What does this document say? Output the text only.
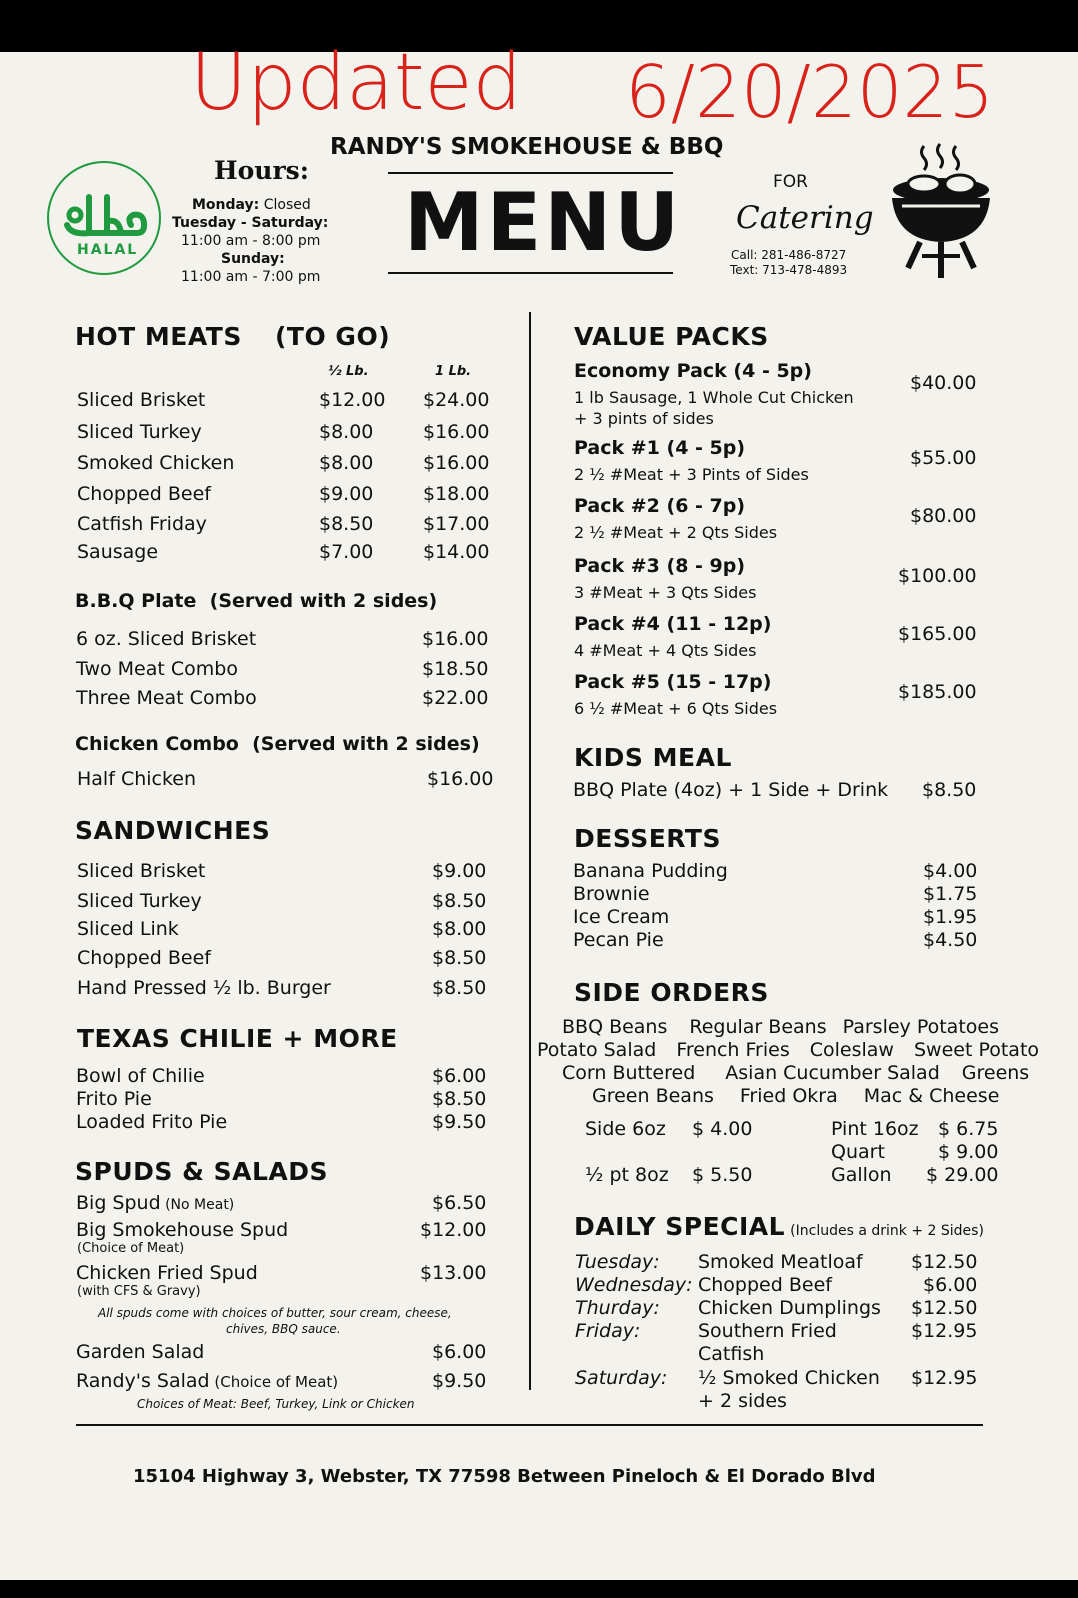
Updated 6/20/2025
RANDY'S SMOKEHOUSE & BBQ
MENU
HALAL
Hours:
Monday: Closed
Tuesday - Saturday:
11:00 am - 8:00 pm
Sunday:
11:00 am - 7:00 pm
FOR
Catering
Call: 281-486-8727
Text: 713-478-4893
HOT MEATS (TO GO)
½ Lb.	1 Lb.
Sliced Brisket	$12.00 $24.00
Sliced Turkey	$8.00	$16.00
Smoked Chicken	$8.00	$16.00
Chopped Beef	$9.00	$18.00
Catfish Friday	$8.50	$17.00
Sausage	$7.00	$14.00
B.B.Q Plate (Served with 2 sides)
6 oz. Sliced Brisket	$16.00
Two Meat Combo	$18.50
Three Meat Combo	$22.00
Chicken Combo (Served with 2 sides)
Half Chicken	$16.00
SANDWICHES
Sliced Brisket	$9.00
Sliced Turkey	$8.50
Sliced Link	$8.00
Chopped Beef	$8.50
Hand Pressed ½ lb. Burger	$8.50
TEXAS CHILIE + MORE
Bowl of Chilie	$6.00
Frito Pie	$8.50
Loaded Frito Pie	$9.50
SPUDS & SALADS
Big Spud (No Meat)	$6.50
Big Smokehouse Spud
(Choice of Meat)
$12.00
Chicken Fried Spud
(with CFS & Gravy)
$13.00
All spuds come with choices of butter, sour cream, cheese,
chives, BBQ sauce.
Garden Salad	$6.00
Randy's Salad (Choice of Meat)	$9.50
Choices of Meat: Beef, Turkey, Link or Chicken
VALUE PACKS
Economy Pack (4 - 5p)
1 lb Sausage, 1 Whole Cut Chicken
+ 3 pints of sides
$40.00
Pack #1 (4 - 5p)
2 ½ #Meat + 3 Pints of Sides
$55.00
Pack #2 (6 - 7p)
2 ½ #Meat + 2 Qts Sides
$80.00
Pack #3 (8 - 9p)
3 #Meat + 3 Qts Sides
$100.00
Pack #4 (11 - 12p)
4 #Meat + 4 Qts Sides
$165.00
Pack #5 (15 - 17p)
6 ½ #Meat + 6 Qts Sides
$185.00
KIDS MEAL
BBQ Plate (4oz) + 1 Side + Drink $8.50
DESSERTS
Banana Pudding	$4.00
Brownie	$1.75
Ice Cream	$1.95
Pecan Pie	$4.50
SIDE ORDERS
BBQ Beans Regular Beans Parsley Potatoes
Potato Salad French Fries Coleslaw Sweet Potato
Corn Buttered Asian Cucumber Salad Greens
Green Beans Fried Okra Mac & Cheese
Side 6oz $ 4.00
½ pt 8oz $ 5.50
Pint 16oz $ 6.75
Quart	$ 9.00
Gallon $ 29.00
DAILY SPECIAL (Includes a drink + 2 Sides)
Tuesday: Smoked Meatloaf	$12.50
Wednesday: Chopped Beef	$6.00
Thurday: Chicken Dumplings $12.50
Friday:	Southern Fried
Catfish
$12.95
Saturday: ½ Smoked Chicken
+ 2 sides
$12.95
15104 Highway 3, Webster, TX 77598 Between Pineloch & El Dorado Blvd
